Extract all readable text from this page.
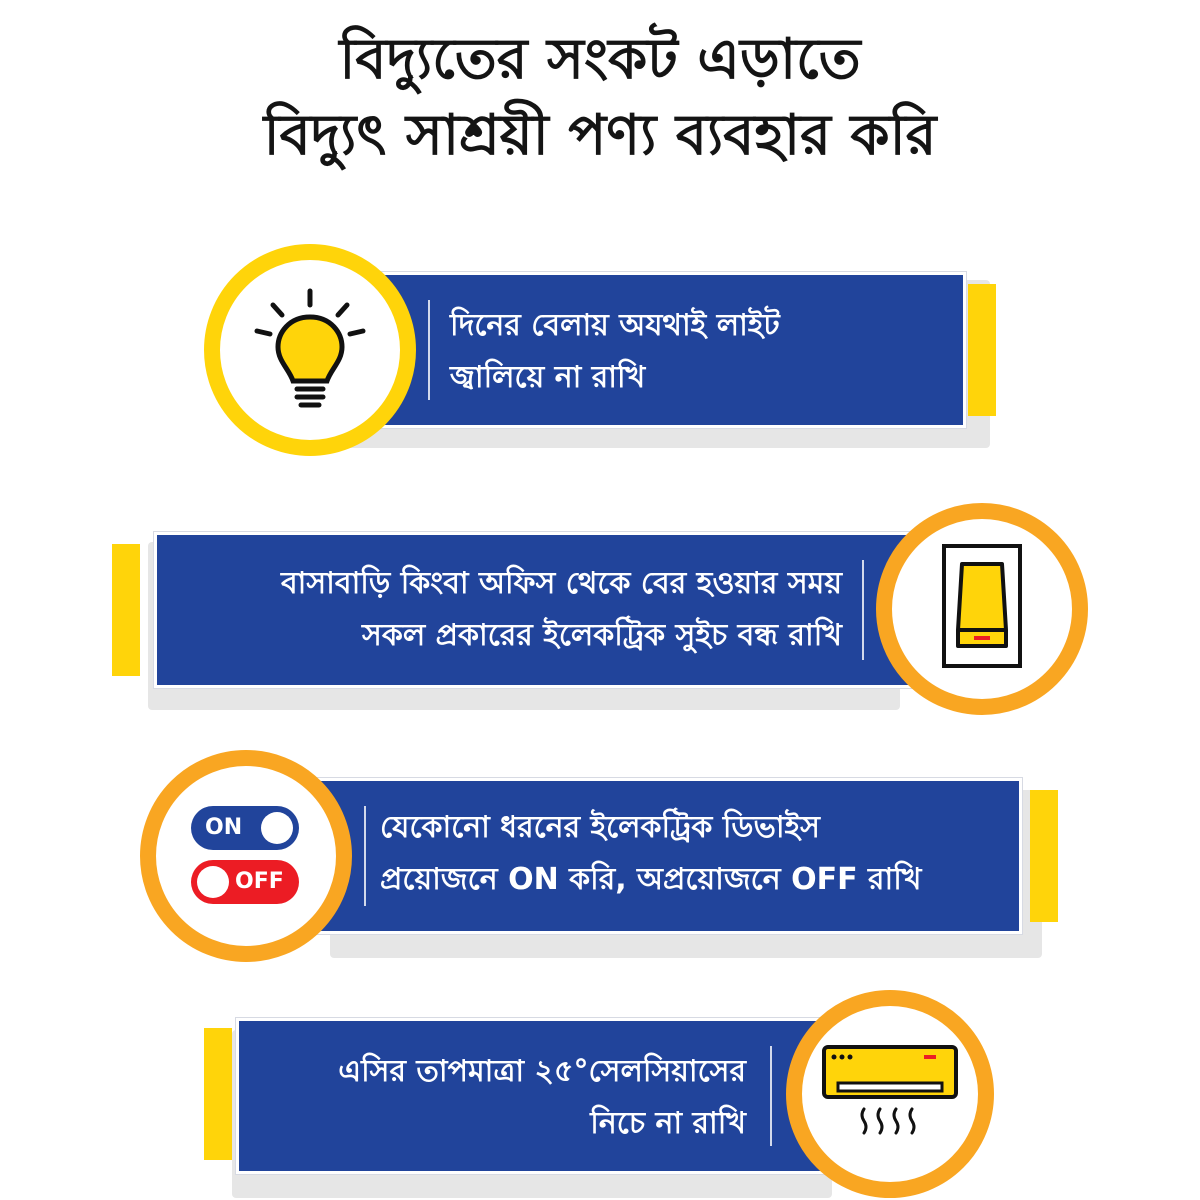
বিদ্যুতের সংকট এড়াতে
বিদ্যুৎ সাশ্রয়ী পণ্য ব্যবহার করি
দিনের বেলায় অযথাই লাইট
জ্বালিয়ে না রাখি
বাসাবাড়ি কিংবা অফিস থেকে বের হওয়ার সময়
সকল প্রকারের ইলেকট্রিক সুইচ বন্ধ রাখি
যেকোনো ধরনের ইলেকট্রিক ডিভাইস
প্রয়োজনে ON করি, অপ্রয়োজনে OFF রাখি
ON
OFF
এসির তাপমাত্রা ২৫°সেলসিয়াসের
নিচে না রাখি
